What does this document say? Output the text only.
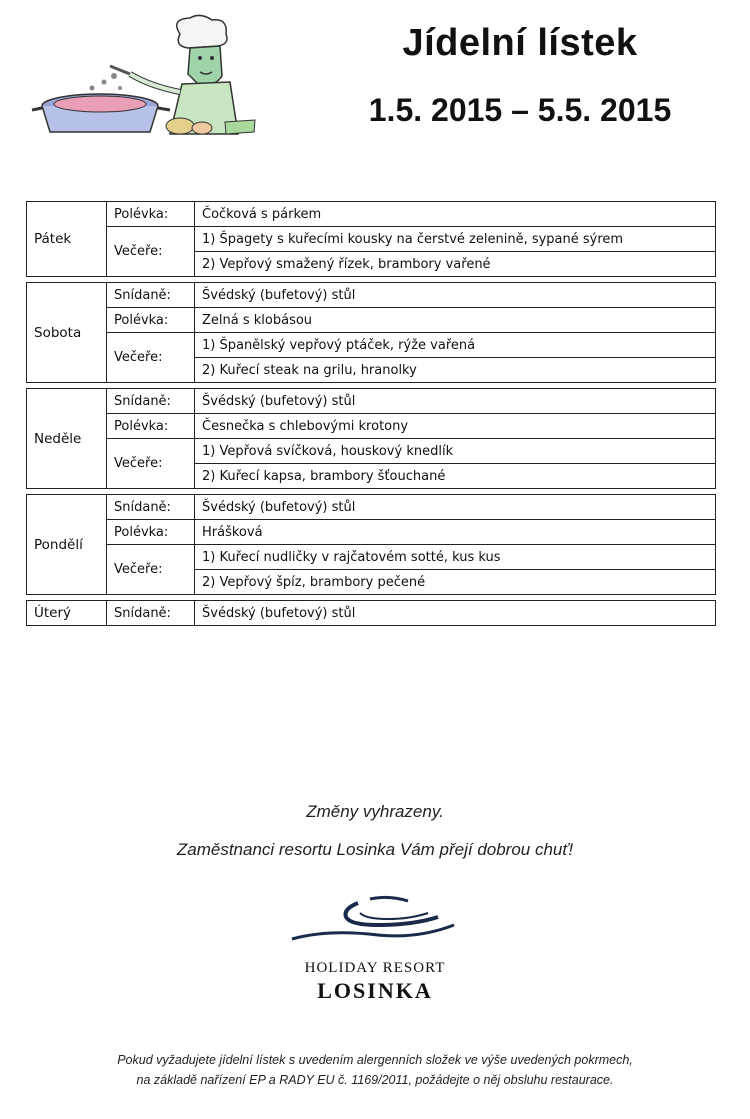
Jídelní lístek
1.5. 2015 – 5.5. 2015
Pátek	Polévka:	Čočková s párkem
	Večeře:	1) Špagety s kuřecími kousky na čerstvé zelenině, sypané sýrem
		2) Vepřový smažený řízek, brambory vařené

Sobota	Snídaně:	Švédský (bufetový) stůl
	Polévka:	Zelná s klobásou
	Večeře:	1) Španělský vepřový ptáček, rýže vařená
		2) Kuřecí steak na grilu, hranolky

Neděle	Snídaně:	Švédský (bufetový) stůl
	Polévka:	Česnečka s chlebovými krotony
	Večeře:	1) Vepřová svíčková, houskový knedlík
		2) Kuřecí kapsa, brambory šťouchané

Pondělí	Snídaně:	Švédský (bufetový) stůl
	Polévka:	Hrášková
	Večeře:	1) Kuřecí nudličky v rajčatovém sotté, kus kus
		2) Vepřový špíz, brambory pečené

Úterý	Snídaně:	Švédský (bufetový) stůl
Změny vyhrazeny.
Zaměstnanci resortu Losinka Vám přejí dobrou chuť!
HOLIDAY RESORT
LOSINKA
Pokud vyžadujete jídelní lístek s uvedením alergenních složek ve výše uvedených pokrmech,
na základě nařízení EP a RADY EU č. 1169/2011, požádejte o něj obsluhu restaurace.
